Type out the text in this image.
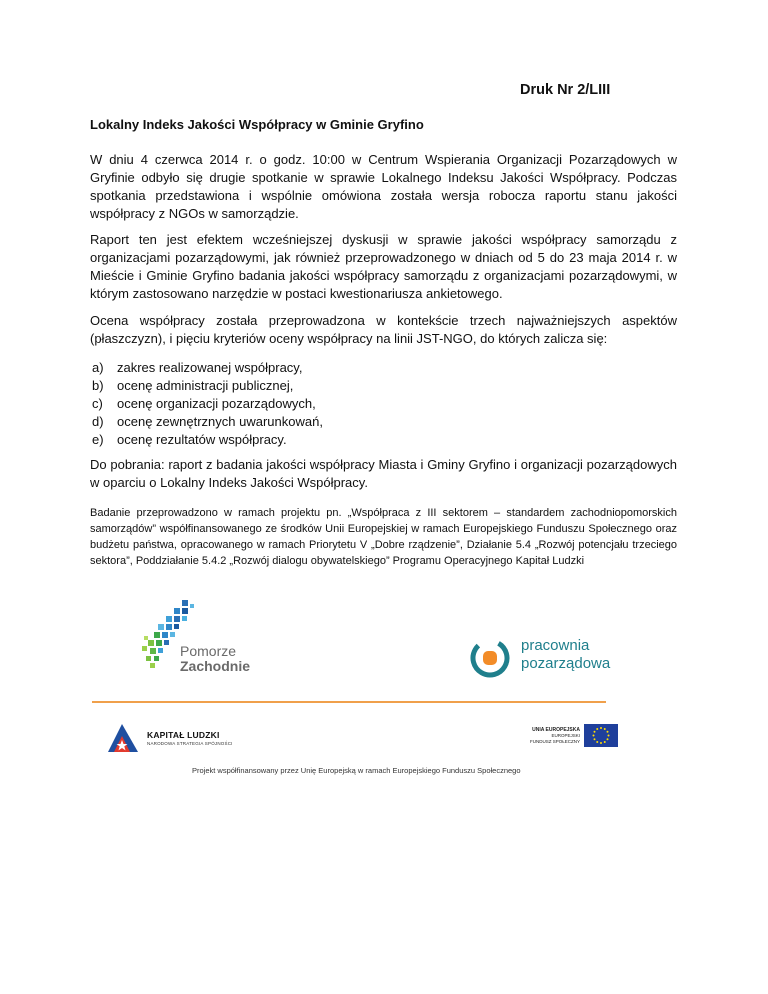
Druk Nr 2/LIII
Lokalny Indeks Jakości Współpracy w Gminie Gryfino
W dniu 4 czerwca 2014 r. o godz. 10:00 w Centrum Wspierania Organizacji Pozarządowych w Gryfinie odbyło się drugie spotkanie w sprawie Lokalnego Indeksu Jakości Współpracy. Podczas spotkania przedstawiona i wspólnie omówiona została wersja robocza raportu stanu jakości współpracy z NGOs w samorządzie.
Raport ten jest efektem wcześniejszej dyskusji w sprawie jakości współpracy samorządu z organizacjami pozarządowymi, jak również przeprowadzonego w dniach od 5 do 23 maja 2014 r. w Mieście i Gminie Gryfino badania jakości współpracy samorządu z organizacjami pozarządowymi, w którym zastosowano narzędzie w postaci kwestionariusza ankietowego.
Ocena współpracy została przeprowadzona w kontekście trzech najważniejszych aspektów (płaszczyzn), i pięciu kryteriów oceny współpracy na linii JST-NGO, do których zalicza się:
a)	zakres realizowanej współpracy,
b)	ocenę administracji publicznej,
c)	ocenę organizacji pozarządowych,
d)	ocenę zewnętrznych uwarunkowań,
e)	ocenę rezultatów współpracy.
Do pobrania: raport z badania jakości współpracy Miasta i Gminy Gryfino i organizacji pozarządowych w oparciu o Lokalny Indeks Jakości Współpracy.
Badanie przeprowadzono w ramach projektu pn. „Współpraca z III sektorem – standardem zachodniopomorskich samorządów” współfinansowanego ze środków Unii Europejskiej w ramach Europejskiego Funduszu Społecznego oraz budżetu państwa, opracowanego w ramach Priorytetu V „Dobre rządzenie”, Działanie 5.4 „Rozwój potencjału trzeciego sektora”, Poddziałanie 5.4.2 „Rozwój dialogu obywatelskiego” Programu Operacyjnego Kapitał Ludzki
Pomorze
Zachodnie
pracownia
pozarządowa
KAPITAŁ LUDZKI
NARODOWA STRATEGIA SPÓJNOŚCI
UNIA EUROPEJSKA
EUROPEJSKI
FUNDUSZ SPOŁECZNY
Projekt współfinansowany przez Unię Europejską w ramach Europejskiego Funduszu Społecznego
